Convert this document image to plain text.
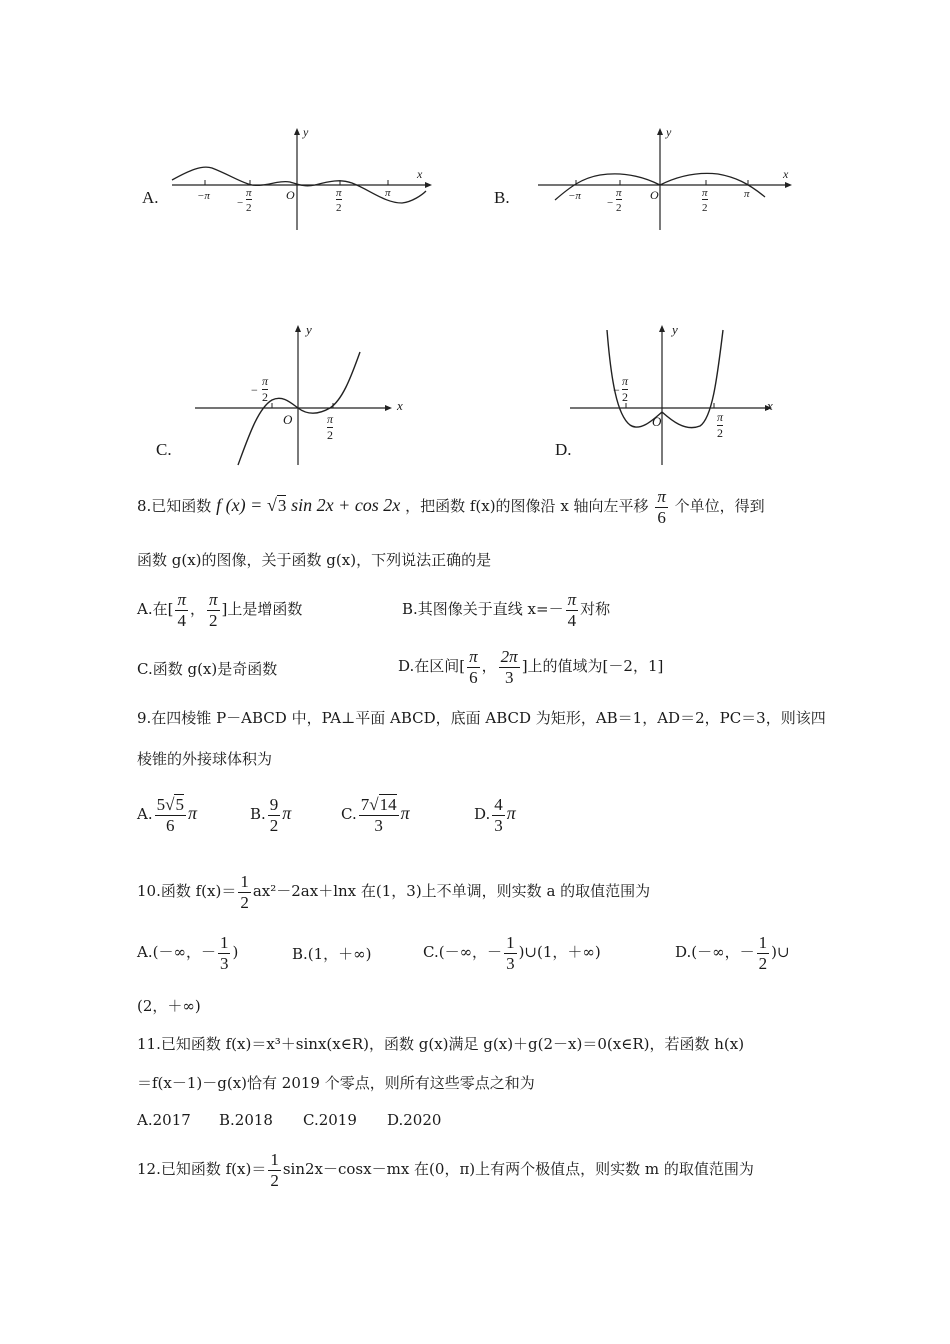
A.	−π
−
π
2
O	π
2
π
x
y
B.	−π
−
π
2
O	π
2
π
x
y
C.
−
π
2
O	π
2
x
y
D.
−
π
2
O	π
2
x
y
8.已知函数 f (x) = √3 sin 2x + cos 2x ，把函数 f(x)的图像沿 x 轴向左平移 $\frac{\pi}{6}$ 个单位，得到
函数 g(x)的图像，关于函数 g(x)，下列说法正确的是
A.在[ $\frac{\pi}{4}$ ， $\frac{\pi}{2}$ ]上是增函数	B.其图像关于直线 $x=- \frac{\pi}{4}$ 对称
C.函数 g(x)是奇函数	D.在区间[ $\frac{\pi}{6}$ ， $\frac{2\pi}{3}$ ]上的值域为[－2，1]
9.在四棱锥 P－ABCD 中，PA⊥平面 ABCD，底面 ABCD 为矩形，AB＝1，AD＝2，PC＝3，则该四
棱锥的外接球体积为
A. $\frac{5√5}{6}$ π	B. $\frac{9}{2}$ π	C. $\frac{7√14}{3}$ π	D. $\frac{4}{3}$ π
10.函数 $f(x)= \frac{1}{2} ax^2-2ax+\ln x$ 在(1，3)上不单调，则实数 a 的取值范围为
A.(－∞，－ $\frac{1}{3}$ )	B.(1，＋∞)	C.(－∞，－ $\frac{1}{3}$ )∪(1，＋∞)	D.(－∞，－ $\frac{1}{2}$ )∪
(2，＋∞)
11.已知函数 f(x)＝x³＋sinx(x∈R)，函数 g(x)满足 g(x)＋g(2－x)＝0(x∈R)，若函数 h(x)
＝f(x－1)－g(x)恰有 2019 个零点，则所有这些零点之和为
A.2017 B.2018 C.2019 D.2020
12.已知函数 $f(x)= \frac{1}{2} \sin 2x-\cos x-mx$ 在(0，π)上有两个极值点，则实数 m 的取值范围为
